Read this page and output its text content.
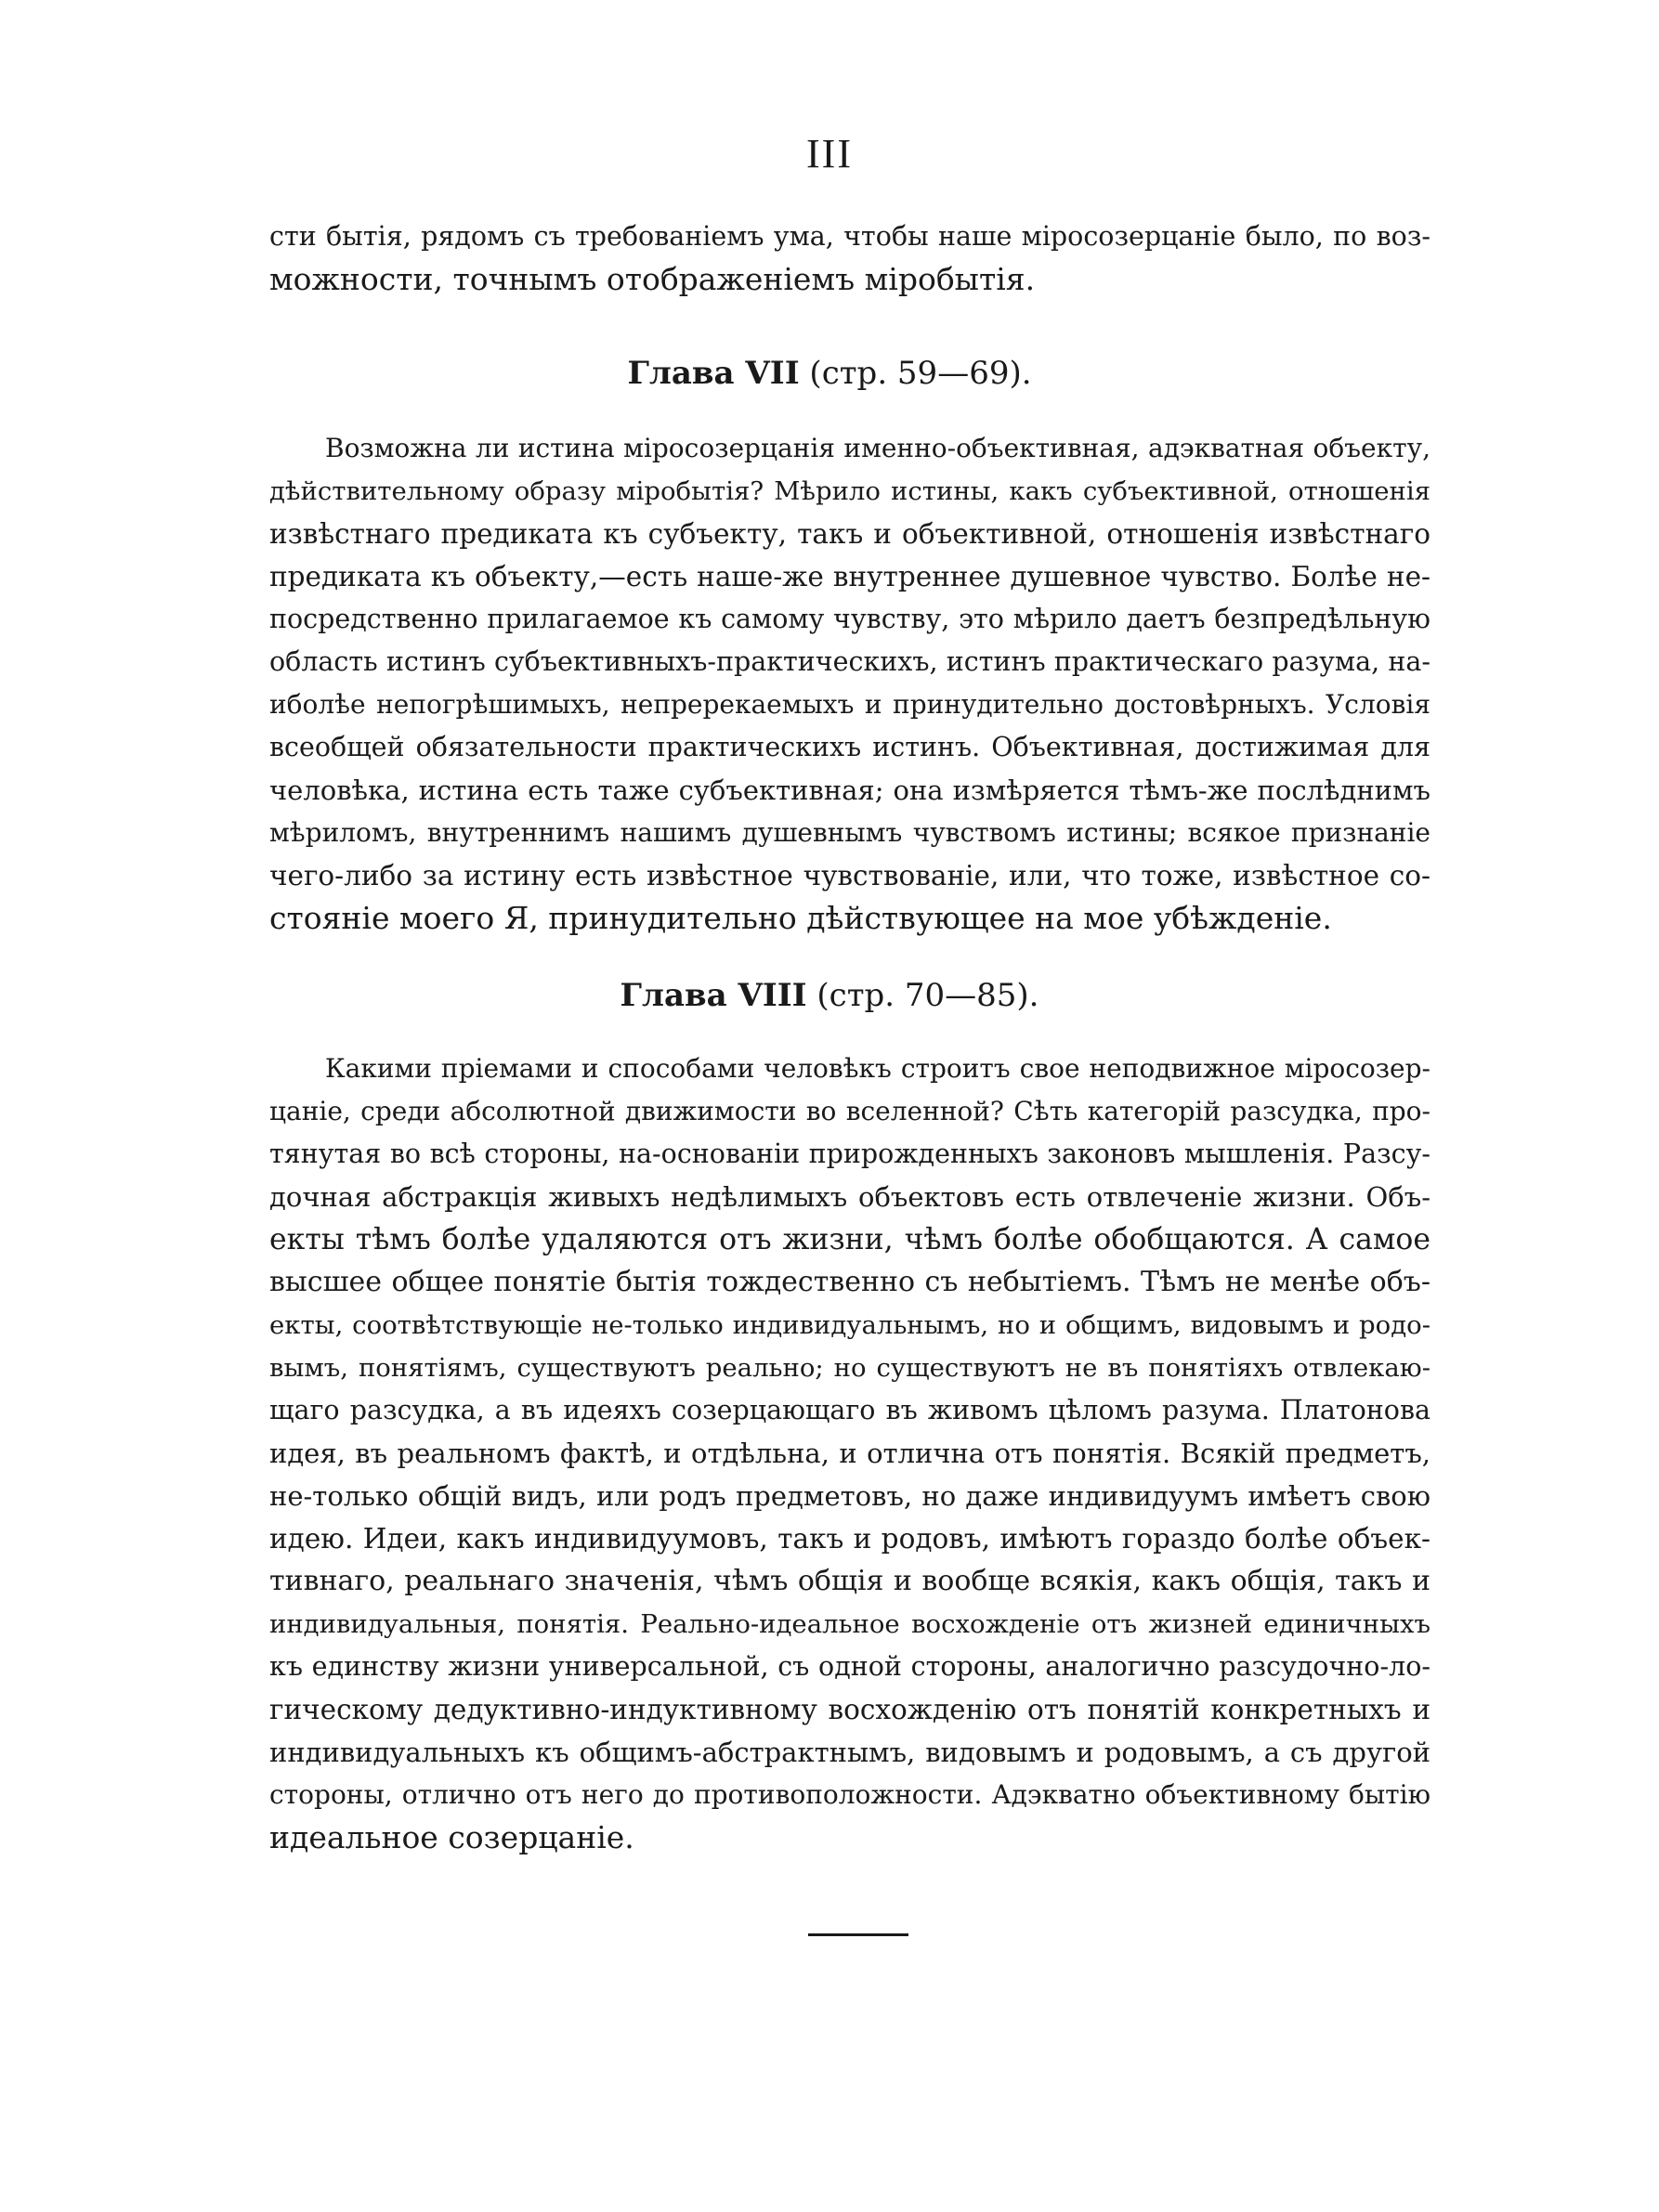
III
сти бытія, рядомъ съ требованіемъ ума, чтобы наше міросозерцаніе было, по воз-
можности, точнымъ отображеніемъ міробытія.
Глава VII (стр. 59—69).
Возможна ли истина міросозерцанія именно-объективная, адэкватная объекту,
дѣйствительному образу міробытія? Мѣрило истины, какъ субъективной, отношенія
извѣстнаго предиката къ субъекту, такъ и объективной, отношенія извѣстнаго
предиката къ объекту,—есть наше-же внутреннее душевное чувство. Болѣе не-
посредственно прилагаемое къ самому чувству, это мѣрило даетъ безпредѣльную
область истинъ субъективныхъ-практическихъ, истинъ практическаго разума, на-
иболѣе непогрѣшимыхъ, непререкаемыхъ и принудительно достовѣрныхъ. Условія
всеобщей обязательности практическихъ истинъ. Объективная, достижимая для
человѣка, истина есть таже субъективная; она измѣряется тѣмъ-же послѣднимъ
мѣриломъ, внутреннимъ нашимъ душевнымъ чувствомъ истины; всякое признаніе
чего-либо за истину есть извѣстное чувствованіе, или, что тоже, извѣстное со-
стояніе моего Я, принудительно дѣйствующее на мое убѣжденіе.
Глава VIII (стр. 70—85).
Какими пріемами и способами человѣкъ строитъ свое неподвижное міросозер-
цаніе, среди абсолютной движимости во вселенной? Сѣть категорій разсудка, про-
тянутая во всѣ стороны, на-основаніи прирожденныхъ законовъ мышленія. Разсу-
дочная абстракція живыхъ недѣлимыхъ объектовъ есть отвлеченіе жизни. Объ-
екты тѣмъ болѣе удаляются отъ жизни, чѣмъ болѣе обобщаются. А самое
высшее общее понятіе бытія тождественно съ небытіемъ. Тѣмъ не менѣе объ-
екты, соотвѣтствующіе не-только индивидуальнымъ, но и общимъ, видовымъ и родо-
вымъ, понятіямъ, существуютъ реально; но существуютъ не въ понятіяхъ отвлекаю-
щаго разсудка, а въ идеяхъ созерцающаго въ живомъ цѣломъ разума. Платонова
идея, въ реальномъ фактѣ, и отдѣльна, и отлична отъ понятія. Всякій предметъ,
не-только общій видъ, или родъ предметовъ, но даже индивидуумъ имѣетъ свою
идею. Идеи, какъ индивидуумовъ, такъ и родовъ, имѣютъ гораздо болѣе объек-
тивнаго, реальнаго значенія, чѣмъ общія и вообще всякія, какъ общія, такъ и
индивидуальныя, понятія. Реально-идеальное восхожденіе отъ жизней единичныхъ
къ единству жизни универсальной, съ одной стороны, аналогично разсудочно-ло-
гическому дедуктивно-индуктивному восхожденію отъ понятій конкретныхъ и
индивидуальныхъ къ общимъ-абстрактнымъ, видовымъ и родовымъ, а съ другой
стороны, отлично отъ него до противоположности. Адэкватно объективному бытію
идеальное созерцаніе.
